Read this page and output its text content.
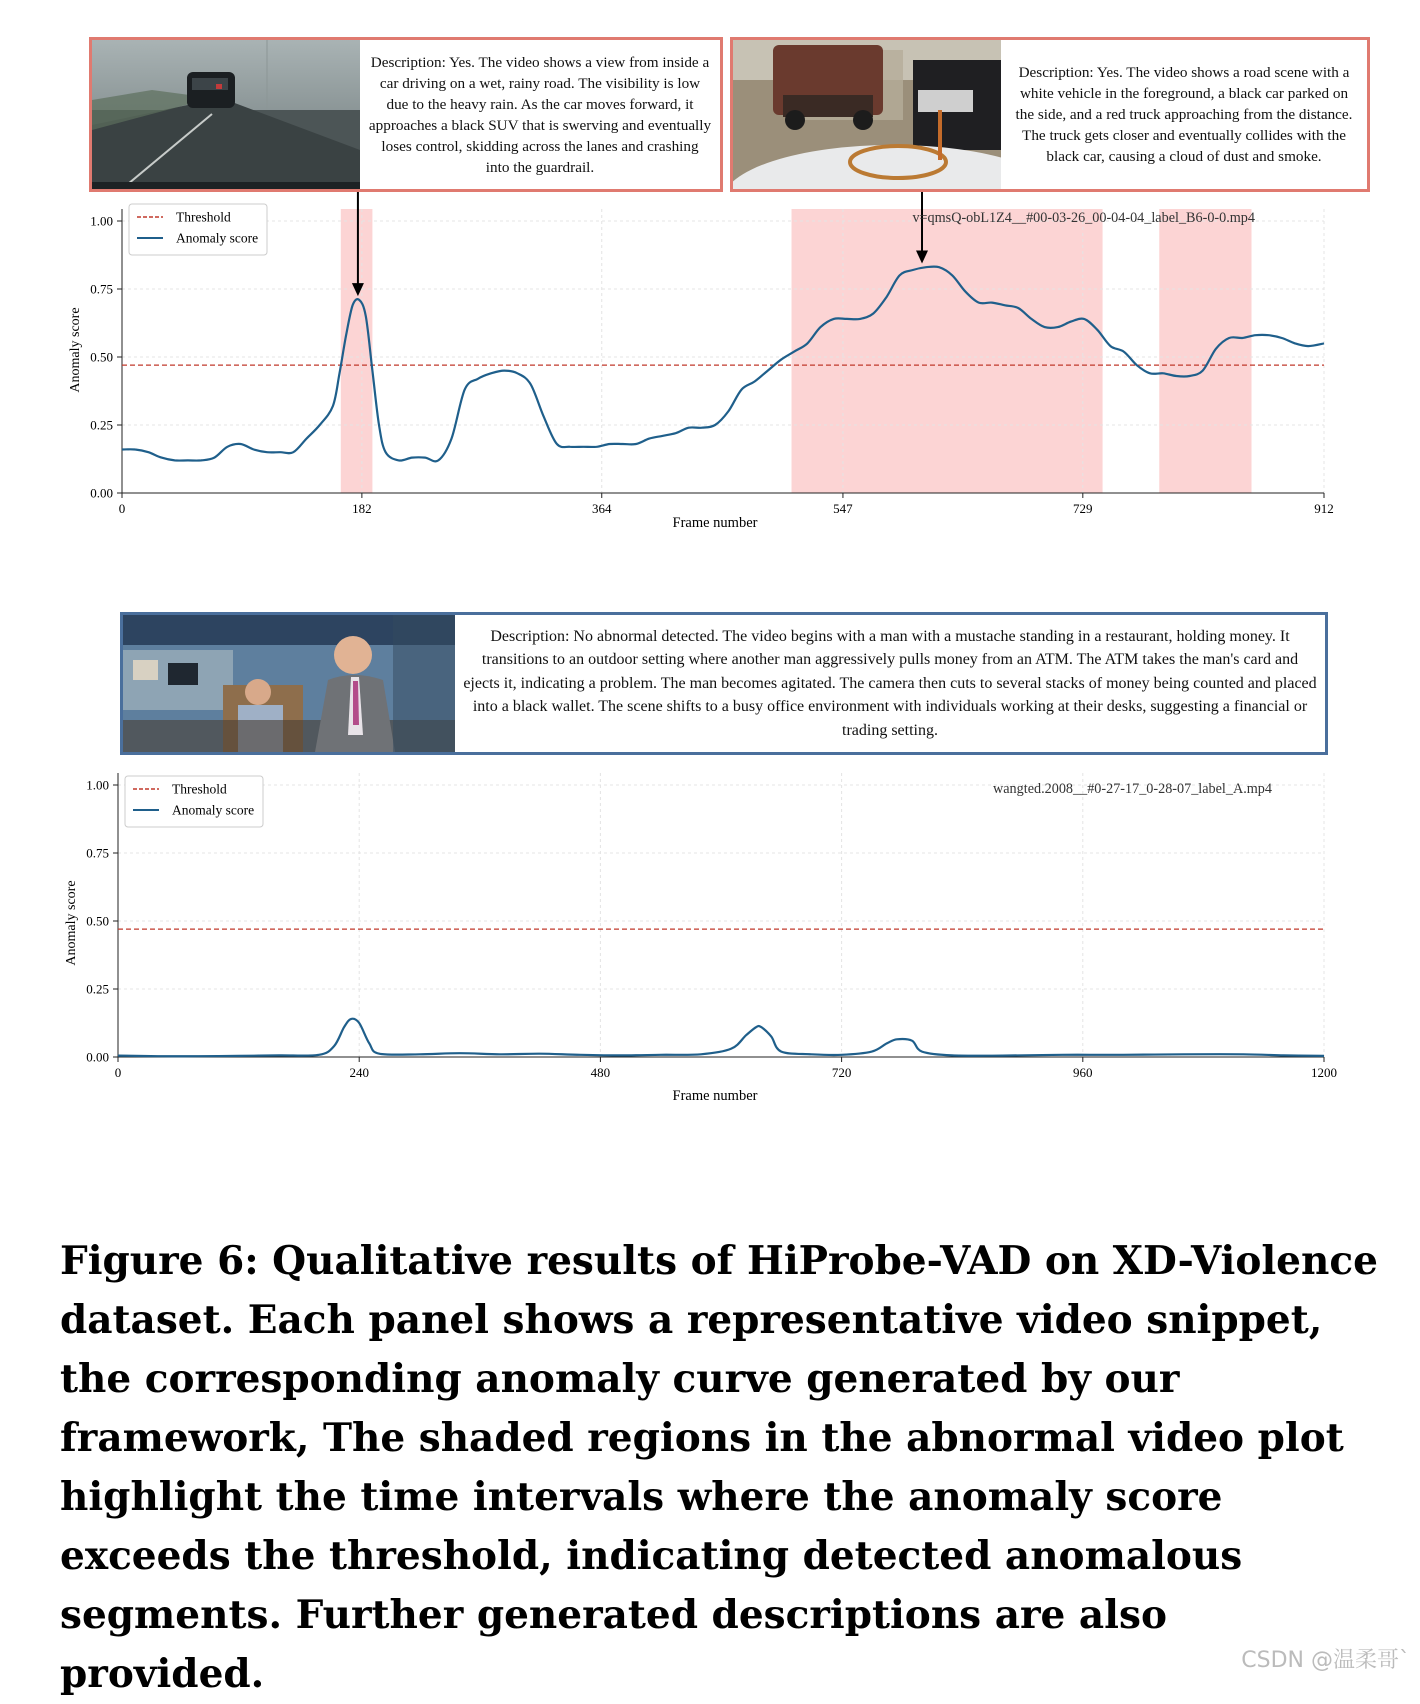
Description: Yes. The video shows a view from inside a car driving on a wet, rainy road. The visibility is low due to the heavy rain. As the car moves forward, it approaches a black SUV that is swerving and eventually loses control, skidding across the lanes and crashing into the guardrail.
Description: Yes. The video shows a road scene with a white vehicle in the foreground, a black car parked on the side, and a red truck approaching from the distance. The truck gets closer and eventually collides with the black car, causing a cloud of dust and smoke.
0	182	364	547	729	912
0.00
0.25
0.50
0.75
1.00
Frame number
Anomaly score
v=qmsQ-obL1Z4__#00-03-26_00-04-04_label_B6-0-0.mp4
Threshold
Anomaly score
Description: No abnormal detected. The video begins with a man with a mustache standing in a restaurant, holding money. It transitions to an outdoor setting where another man aggressively pulls money from an ATM. The ATM takes the man's card and ejects it, indicating a problem. The man becomes agitated. The camera then cuts to several stacks of money being counted and placed into a black wallet. The scene shifts to a busy office environment with individuals working at their desks, suggesting a financial or trading setting.
0	240	480	720	960	1200
0.00
0.25
0.50
0.75
1.00
Frame number
Anomaly score
wangted.2008__#0-27-17_0-28-07_label_A.mp4
Threshold
Anomaly score

Figure 6: Qualitative results of HiProbe-VAD on XD-Violence dataset. Each panel shows a representative video snippet, the corresponding anomaly curve generated by our framework, The shaded regions in the abnormal video plot highlight the time intervals where the anomaly score exceeds the threshold, indicating detected anomalous segments. Further generated descriptions are also provided.	CSDN @温柔哥`
